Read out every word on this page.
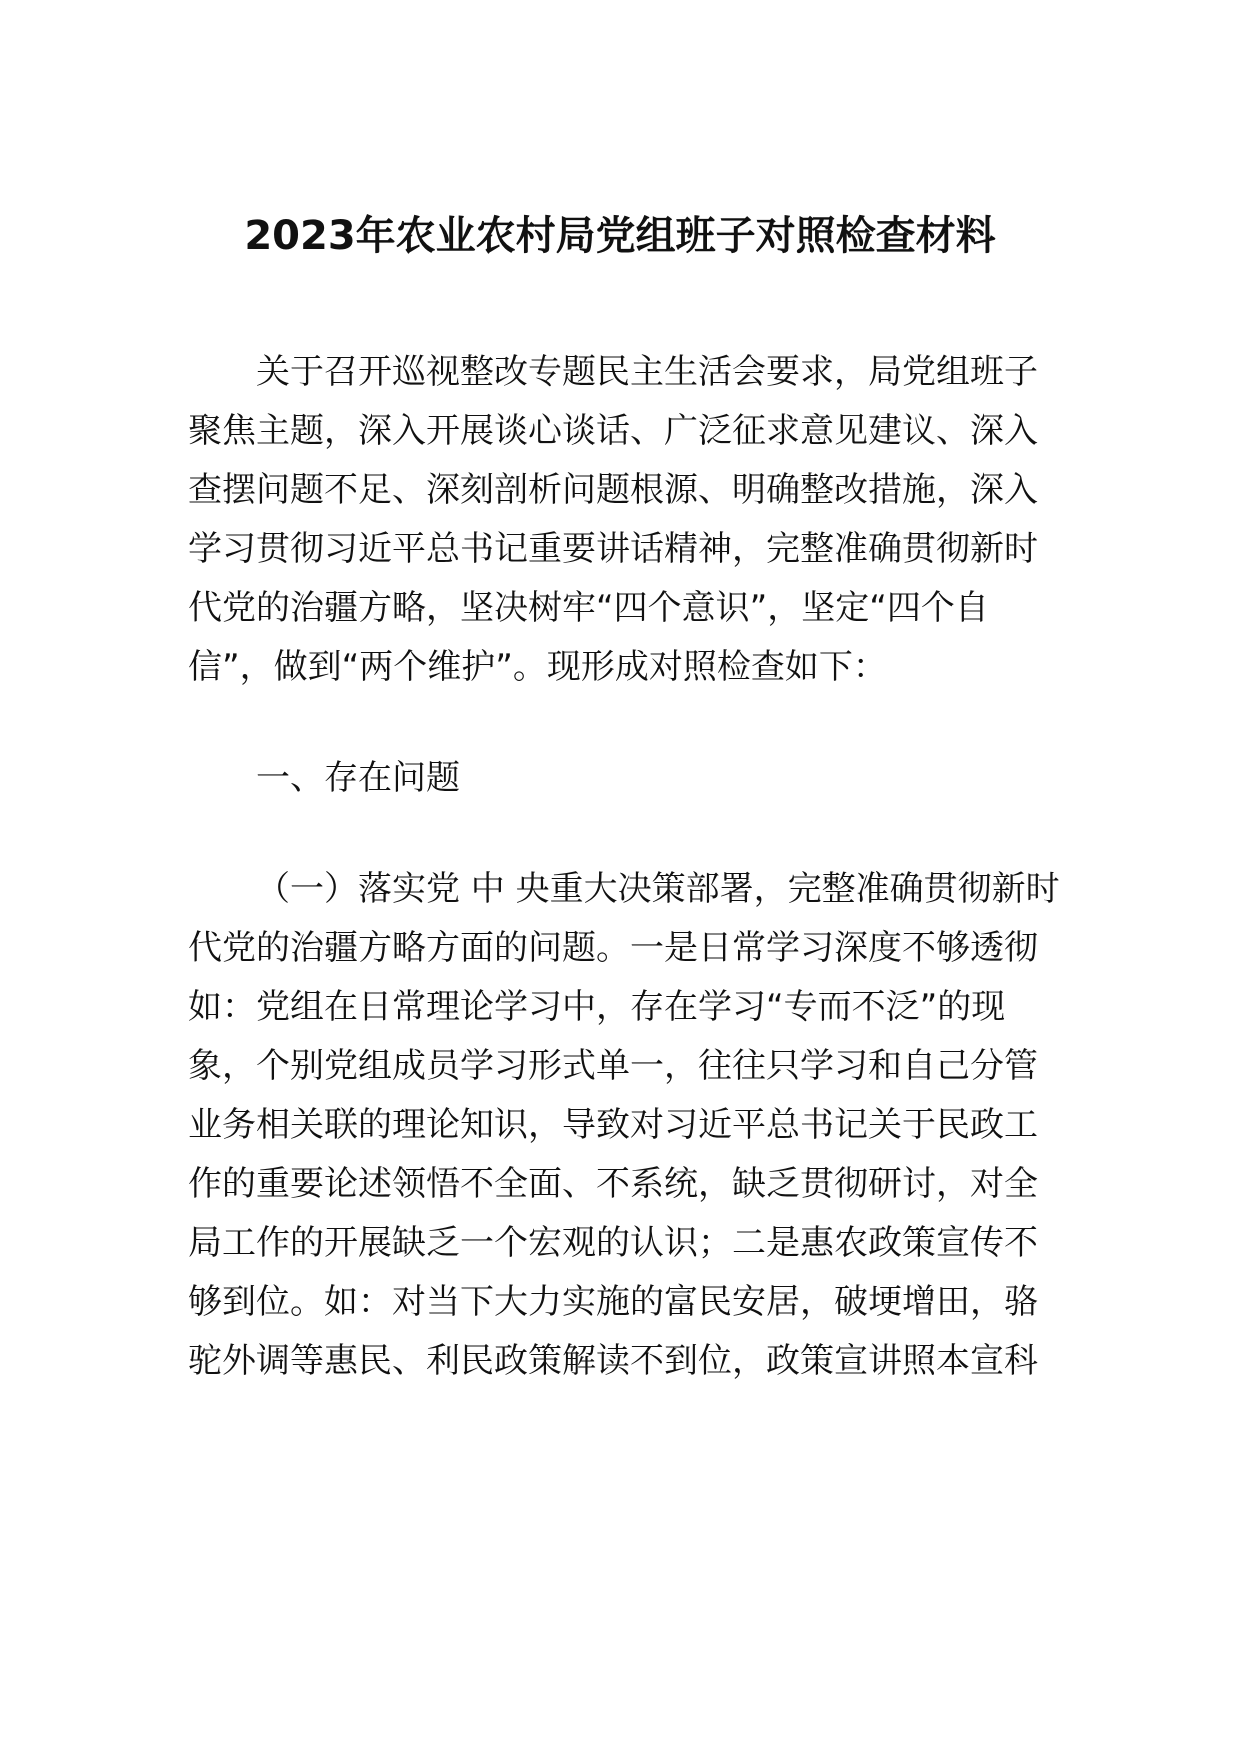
2023年农业农村局党组班子对照检查材料

关于召开巡视整改专题民主生活会要求，局党组班子

聚焦主题，深入开展谈心谈话、广泛征求意见建议、深入

查摆问题不足、深刻剖析问题根源、明确整改措施，深入

学习贯彻习近平总书记重要讲话精神，完整准确贯彻新时

代党的治疆方略，坚决树牢“四个意识”，坚定“四个自

信”，做到“两个维护”。现形成对照检查如下：

一、存在问题

（一）落实党 中 央重大决策部署，完整准确贯彻新时

代党的治疆方略方面的问题。一是日常学习深度不够透彻

如：党组在日常理论学习中，存在学习“专而不泛”的现

象，个别党组成员学习形式单一，往往只学习和自己分管

业务相关联的理论知识，导致对习近平总书记关于民政工

作的重要论述领悟不全面、不系统，缺乏贯彻研讨，对全

局工作的开展缺乏一个宏观的认识；二是惠农政策宣传不

够到位。如：对当下大力实施的富民安居，破埂增田，骆

驼外调等惠民、利民政策解读不到位，政策宣讲照本宣科
